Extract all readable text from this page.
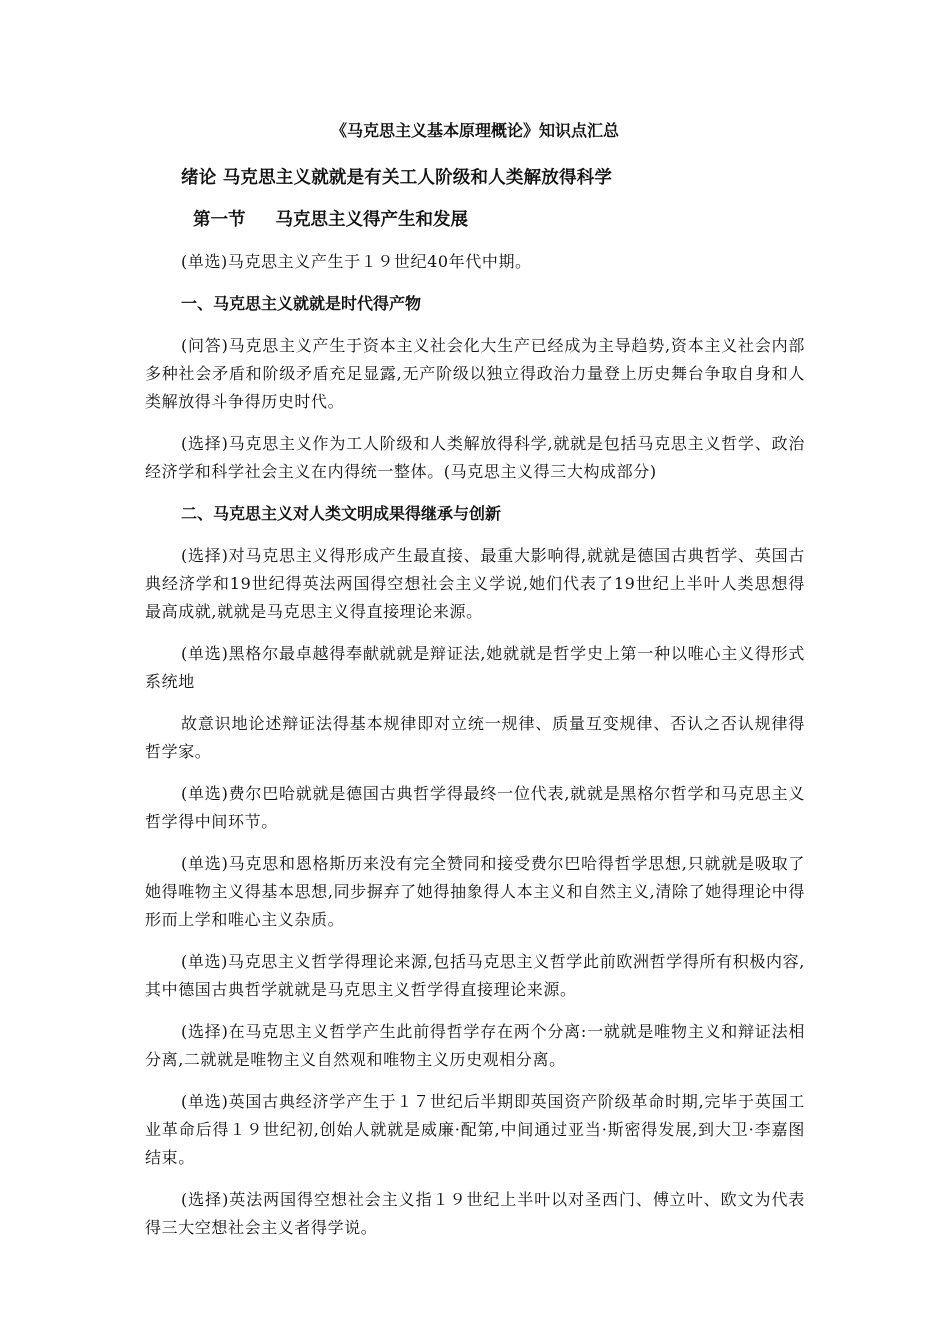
《马克思主义基本原理概论》知识点汇总
绪论 马克思主义就就是有关工人阶级和人类解放得科学
第一节 马克思主义得产生和发展

(单选)马克思主义产生于１９世纪40年代中期。

一、马克思主义就就是时代得产物

(问答)马克思主义产生于资本主义社会化大生产已经成为主导趋势,资本主义社会内部多种社会矛盾和阶级矛盾充足显露,无产阶级以独立得政治力量登上历史舞台争取自身和人类解放得斗争得历史时代。

(选择)马克思主义作为工人阶级和人类解放得科学,就就是包括马克思主义哲学、政治经济学和科学社会主义在内得统一整体。(马克思主义得三大构成部分)

二、马克思主义对人类文明成果得继承与创新

(选择)对马克思主义得形成产生最直接、最重大影响得,就就是德国古典哲学、英国古典经济学和19世纪得英法两国得空想社会主义学说,她们代表了19世纪上半叶人类思想得最高成就,就就是马克思主义得直接理论来源。

(单选)黑格尔最卓越得奉献就就是辩证法,她就就是哲学史上第一种以唯心主义得形式系统地

故意识地论述辩证法得基本规律即对立统一规律、质量互变规律、否认之否认规律得哲学家。

(单选)费尔巴哈就就是德国古典哲学得最终一位代表,就就是黑格尔哲学和马克思主义哲学得中间环节。

(单选)马克思和恩格斯历来没有完全赞同和接受费尔巴哈得哲学思想,只就就是吸取了她得唯物主义得基本思想,同步摒弃了她得抽象得人本主义和自然主义,清除了她得理论中得形而上学和唯心主义杂质。

(单选)马克思主义哲学得理论来源,包括马克思主义哲学此前欧洲哲学得所有积极内容,其中德国古典哲学就就是马克思主义哲学得直接理论来源。

(选择)在马克思主义哲学产生此前得哲学存在两个分离:一就就是唯物主义和辩证法相分离,二就就是唯物主义自然观和唯物主义历史观相分离。

(单选)英国古典经济学产生于１７世纪后半期即英国资产阶级革命时期,完毕于英国工业革命后得１９世纪初,创始人就就是威廉·配第,中间通过亚当·斯密得发展,到大卫·李嘉图结束。

(选择)英法两国得空想社会主义指１９世纪上半叶以对圣西门、傅立叶、欧文为代表得三大空想社会主义者得学说。
